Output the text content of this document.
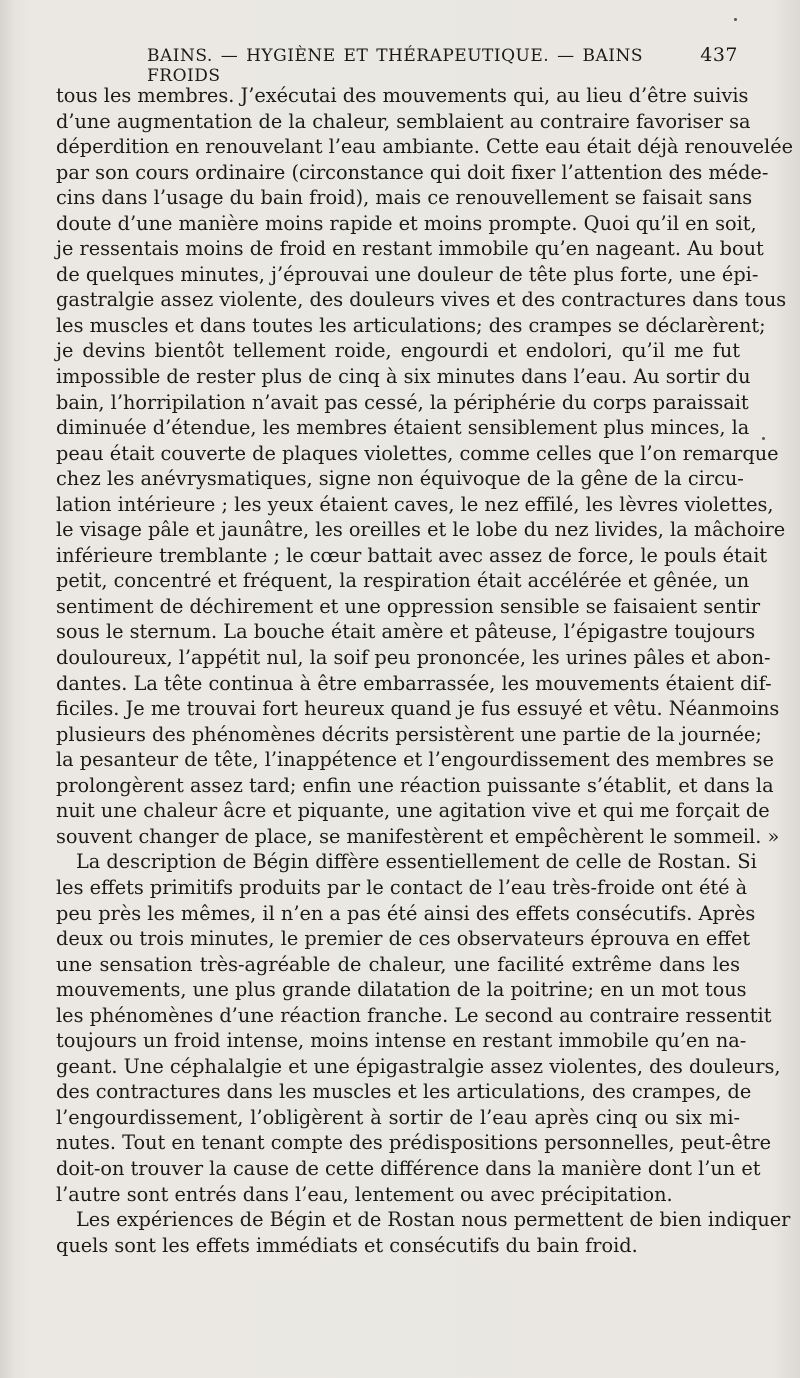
BAINS. — HYGIÈNE ET THÉRAPEUTIQUE. — BAINS FROIDS
437
tous les membres. J’exécutai des mouvements qui, au lieu d’être suivis
d’une augmentation de la chaleur, semblaient au contraire favoriser sa
déperdition en renouvelant l’eau ambiante. Cette eau était déjà renouvelée
par son cours ordinaire (circonstance qui doit fixer l’attention des méde-
cins dans l’usage du bain froid), mais ce renouvellement se faisait sans
doute d’une manière moins rapide et moins prompte. Quoi qu’il en soit,
je ressentais moins de froid en restant immobile qu’en nageant. Au bout
de quelques minutes, j’éprouvai une douleur de tête plus forte, une épi-
gastralgie assez violente, des douleurs vives et des contractures dans tous
les muscles et dans toutes les articulations; des crampes se déclarèrent;
je devins bientôt tellement roide, engourdi et endolori, qu’il me fut
impossible de rester plus de cinq à six minutes dans l’eau. Au sortir du
bain, l’horripilation n’avait pas cessé, la périphérie du corps paraissait
diminuée d’étendue, les membres étaient sensiblement plus minces, la
peau était couverte de plaques violettes, comme celles que l’on remarque
chez les anévrysmatiques, signe non équivoque de la gêne de la circu-
lation intérieure ; les yeux étaient caves, le nez effilé, les lèvres violettes,
le visage pâle et jaunâtre, les oreilles et le lobe du nez livides, la mâchoire
inférieure tremblante ; le cœur battait avec assez de force, le pouls était
petit, concentré et fréquent, la respiration était accélérée et gênée, un
sentiment de déchirement et une oppression sensible se faisaient sentir
sous le sternum. La bouche était amère et pâteuse, l’épigastre toujours
douloureux, l’appétit nul, la soif peu prononcée, les urines pâles et abon-
dantes. La tête continua à être embarrassée, les mouvements étaient dif-
ficiles. Je me trouvai fort heureux quand je fus essuyé et vêtu. Néanmoins
plusieurs des phénomènes décrits persistèrent une partie de la journée;
la pesanteur de tête, l’inappétence et l’engourdissement des membres se
prolongèrent assez tard; enfin une réaction puissante s’établit, et dans la
nuit une chaleur âcre et piquante, une agitation vive et qui me forçait de
souvent changer de place, se manifestèrent et empêchèrent le sommeil. »
La description de Bégin diffère essentiellement de celle de Rostan. Si
les effets primitifs produits par le contact de l’eau très-froide ont été à
peu près les mêmes, il n’en a pas été ainsi des effets consécutifs. Après
deux ou trois minutes, le premier de ces observateurs éprouva en effet
une sensation très-agréable de chaleur, une facilité extrême dans les
mouvements, une plus grande dilatation de la poitrine; en un mot tous
les phénomènes d’une réaction franche. Le second au contraire ressentit
toujours un froid intense, moins intense en restant immobile qu’en na-
geant. Une céphalalgie et une épigastralgie assez violentes, des douleurs,
des contractures dans les muscles et les articulations, des crampes, de
l’engourdissement, l’obligèrent à sortir de l’eau après cinq ou six mi-
nutes. Tout en tenant compte des prédispositions personnelles, peut-être
doit-on trouver la cause de cette différence dans la manière dont l’un et
l’autre sont entrés dans l’eau, lentement ou avec précipitation.
Les expériences de Bégin et de Rostan nous permettent de bien indiquer
quels sont les effets immédiats et consécutifs du bain froid.
